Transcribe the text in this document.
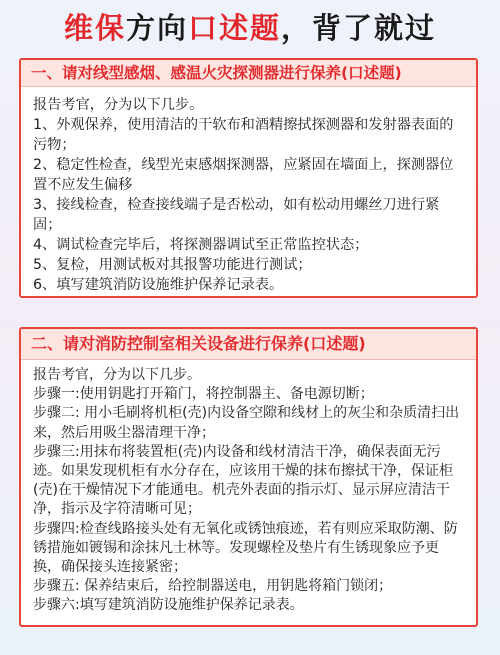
维保方向口述题，背了就过
一、请对线型感烟、感温火灾探测器进行保养(口述题)

报告考官，分为以下几步。

1、外观保养，使用清洁的干软布和酒精擦拭探测器和发射器表面的污物；

2、稳定性检查，线型光束感烟探测器，应紧固在墙面上，探测器位置不应发生偏移

3、接线检查，检查接线端子是否松动，如有松动用螺丝刀进行紧固；

4、调试检查完毕后，将探测器调试至正常监控状态；

5、复检，用测试板对其报警功能进行测试；

6、填写建筑消防设施维护保养记录表。

二、请对消防控制室相关设备进行保养(口述题)

报告考官，分为以下几步。

步骤一:使用钥匙打开箱门，将控制器主、备电源切断；

步骤二: 用小毛刷将机柜(壳)内设备空隙和线材上的灰尘和杂质清扫出来，然后用吸尘器清理干净；

步骤三:用抹布将装置柜(壳)内设备和线材清洁干净，确保表面无污迹。如果发现机柜有水分存在，应该用干燥的抹布擦拭干净，保证柜(壳)在干燥情况下才能通电。机壳外表面的指示灯、显示屏应清洁干净，指示及字符清晰可见；

步骤四:检查线路接头处有无氧化或锈蚀痕迹，若有则应采取防潮、防锈措施如镀锡和涂抹凡士林等。发现螺栓及垫片有生锈现象应予更换，确保接头连接紧密；

步骤五: 保养结束后，给控制器送电，用钥匙将箱门锁闭；

步骤六:填写建筑消防设施维护保养记录表。
